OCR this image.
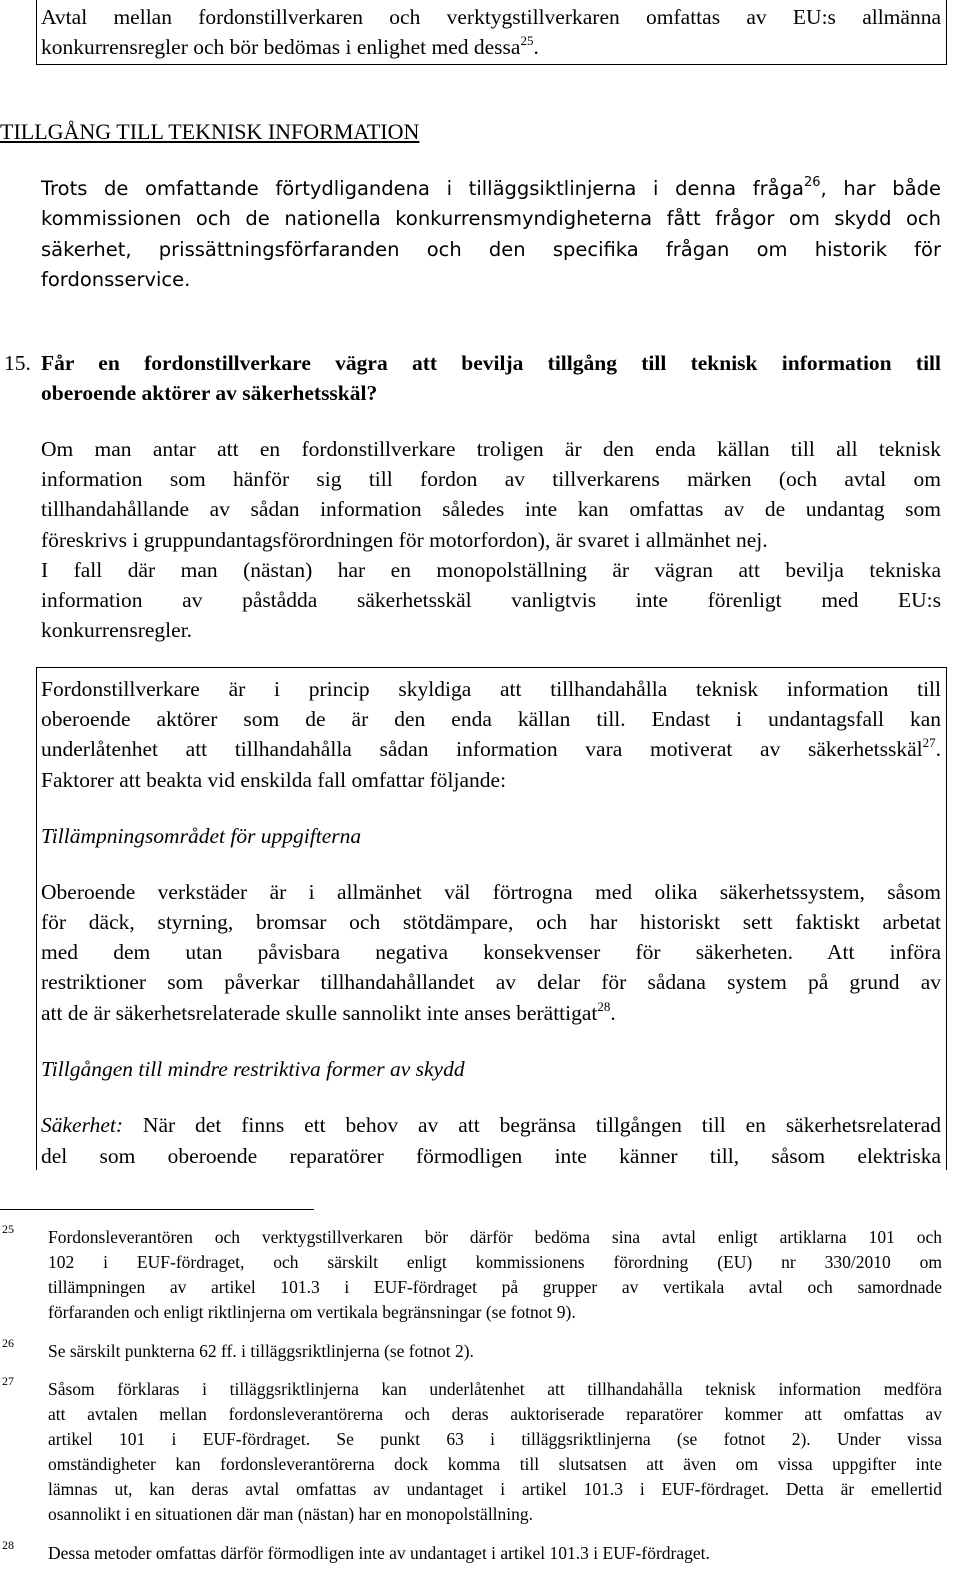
Avtal mellan fordonstillverkaren och verktygstillverkaren omfattas av EU:s allmänna
konkurrensregler och bör bedömas i enlighet med dessa$^{25}$.
TILLGÅNG TILL TEKNISK INFORMATION
Trots de omfattande förtydligandena i tilläggsiktlinjerna i denna fråga$^{26}$, har både
kommissionen och de nationella konkurrensmyndigheterna fått frågor om skydd och
säkerhet, prissättningsförfaranden och den specifika frågan om historik för
fordonsservice.
15. Får en fordonstillverkare vägra att bevilja tillgång till teknisk information till
oberoende aktörer av säkerhetsskäl?
Om man antar att en fordonstillverkare troligen är den enda källan till all teknisk
information som hänför sig till fordon av tillverkarens märken (och avtal om
tillhandahållande av sådan information således inte kan omfattas av de undantag som
föreskrivs i gruppundantagsförordningen för motorfordon), är svaret i allmänhet nej.
I fall där man (nästan) har en monopolställning är vägran att bevilja tekniska
information av påstådda säkerhetsskäl vanligtvis inte förenligt med EU:s
konkurrensregler.
Fordonstillverkare är i princip skyldiga att tillhandahålla teknisk information till
oberoende aktörer som de är den enda källan till. Endast i undantagsfall kan
underlåtenhet att tillhandahålla sådan information vara motiverat av säkerhetsskäl$^{27}$.
Faktorer att beakta vid enskilda fall omfattar följande:
Tillämpningsområdet för uppgifterna
Oberoende verkstäder är i allmänhet väl förtrogna med olika säkerhetssystem, såsom
för däck, styrning, bromsar och stötdämpare, och har historiskt sett faktiskt arbetat
med dem utan påvisbara negativa konsekvenser för säkerheten. Att införa
restriktioner som påverkar tillhandahållandet av delar för sådana system på grund av
att de är säkerhetsrelaterade skulle sannolikt inte anses berättigat$^{28}$.
Tillgången till mindre restriktiva former av skydd
Säkerhet: När det finns ett behov av att begränsa tillgången till en säkerhetsrelaterad
del som oberoende reparatörer förmodligen inte känner till, såsom elektriska
25 Fordonsleverantören och verktygstillverkaren bör därför bedöma sina avtal enligt artiklarna 101 och
102 i EUF-fördraget, och särskilt enligt kommissionens förordning (EU) nr 330/2010 om
tillämpningen av artikel 101.3 i EUF-fördraget på grupper av vertikala avtal och samordnade
förfaranden och enligt riktlinjerna om vertikala begränsningar (se fotnot 9).
26 Se särskilt punkterna 62 ff. i tilläggsriktlinjerna (se fotnot 2).
27 Såsom förklaras i tilläggsriktlinjerna kan underlåtenhet att tillhandahålla teknisk information medföra
att avtalen mellan fordonsleverantörerna och deras auktoriserade reparatörer kommer att omfattas av
artikel 101 i EUF-fördraget. Se punkt 63 i tilläggsriktlinjerna (se fotnot 2). Under vissa
omständigheter kan fordonsleverantörerna dock komma till slutsatsen att även om vissa uppgifter inte
lämnas ut, kan deras avtal omfattas av undantaget i artikel 101.3 i EUF-fördraget. Detta är emellertid
osannolikt i en situationen där man (nästan) har en monopolställning.
28 Dessa metoder omfattas därför förmodligen inte av undantaget i artikel 101.3 i EUF-fördraget.
